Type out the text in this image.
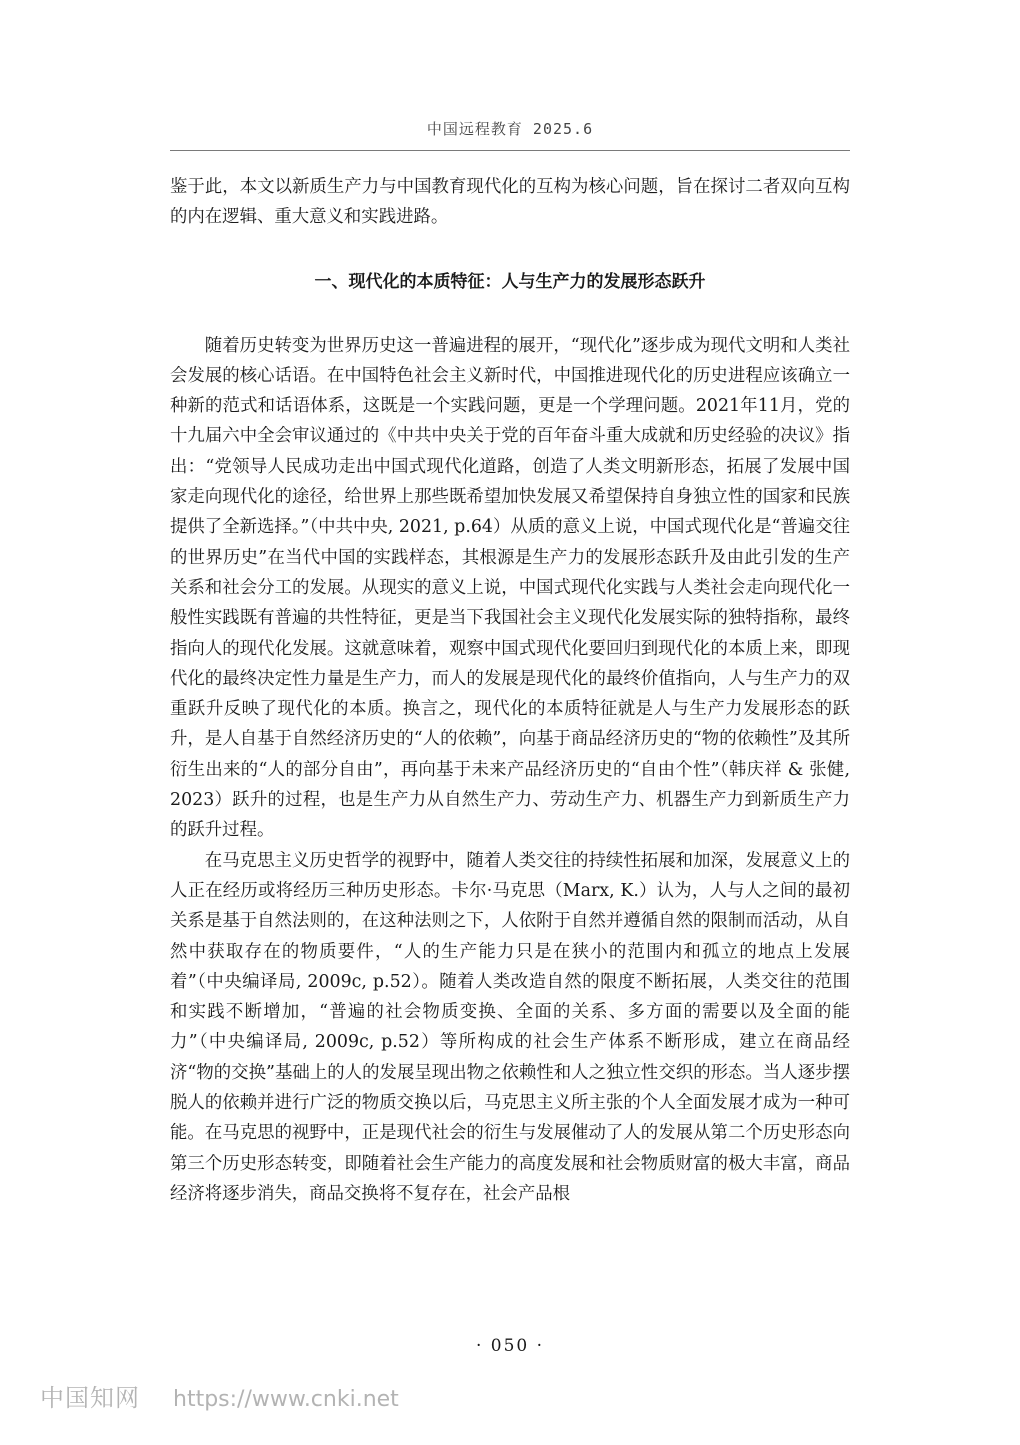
中国远程教育 2025.6

鉴于此，本文以新质生产力与中国教育现代化的互构为核心问题，旨在探讨二者双向互构的内在逻辑、重大意义和实践进路。

一、现代化的本质特征：人与生产力的发展形态跃升

随着历史转变为世界历史这一普遍进程的展开，“现代化”逐步成为现代文明和人类社会发展的核心话语。在中国特色社会主义新时代，中国推进现代化的历史进程应该确立一种新的范式和话语体系，这既是一个实践问题，更是一个学理问题。2021年11月，党的十九届六中全会审议通过的《中共中央关于党的百年奋斗重大成就和历史经验的决议》指出：“党领导人民成功走出中国式现代化道路，创造了人类文明新形态，拓展了发展中国家走向现代化的途径，给世界上那些既希望加快发展又希望保持自身独立性的国家和民族提供了全新选择。”（中共中央, 2021, p.64）从质的意义上说，中国式现代化是“普遍交往的世界历史”在当代中国的实践样态，其根源是生产力的发展形态跃升及由此引发的生产关系和社会分工的发展。从现实的意义上说，中国式现代化实践与人类社会走向现代化一般性实践既有普遍的共性特征，更是当下我国社会主义现代化发展实际的独特指称，最终指向人的现代化发展。这就意味着，观察中国式现代化要回归到现代化的本质上来，即现代化的最终决定性力量是生产力，而人的发展是现代化的最终价值指向，人与生产力的双重跃升反映了现代化的本质。换言之，现代化的本质特征就是人与生产力发展形态的跃升，是人自基于自然经济历史的“人的依赖”，向基于商品经济历史的“物的依赖性”及其所衍生出来的“人的部分自由”，再向基于未来产品经济历史的“自由个性”（韩庆祥 & 张健, 2023）跃升的过程，也是生产力从自然生产力、劳动生产力、机器生产力到新质生产力的跃升过程。

在马克思主义历史哲学的视野中，随着人类交往的持续性拓展和加深，发展意义上的人正在经历或将经历三种历史形态。卡尔·马克思（Marx, K.）认为，人与人之间的最初关系是基于自然法则的，在这种法则之下，人依附于自然并遵循自然的限制而活动，从自然中获取存在的物质要件，“人的生产能力只是在狭小的范围内和孤立的地点上发展着”（中央编译局, 2009c, p.52）。随着人类改造自然的限度不断拓展，人类交往的范围和实践不断增加，“普遍的社会物质变换、全面的关系、多方面的需要以及全面的能力”（中央编译局, 2009c, p.52）等所构成的社会生产体系不断形成，建立在商品经济“物的交换”基础上的人的发展呈现出物之依赖性和人之独立性交织的形态。当人逐步摆脱人的依赖并进行广泛的物质交换以后，马克思主义所主张的个人全面发展才成为一种可能。在马克思的视野中，正是现代社会的衍生与发展催动了人的发展从第二个历史形态向第三个历史形态转变，即随着社会生产能力的高度发展和社会物质财富的极大丰富，商品经济将逐步消失，商品交换将不复存在，社会产品根

· 050 ·
中国知网 https://www.cnki.net
